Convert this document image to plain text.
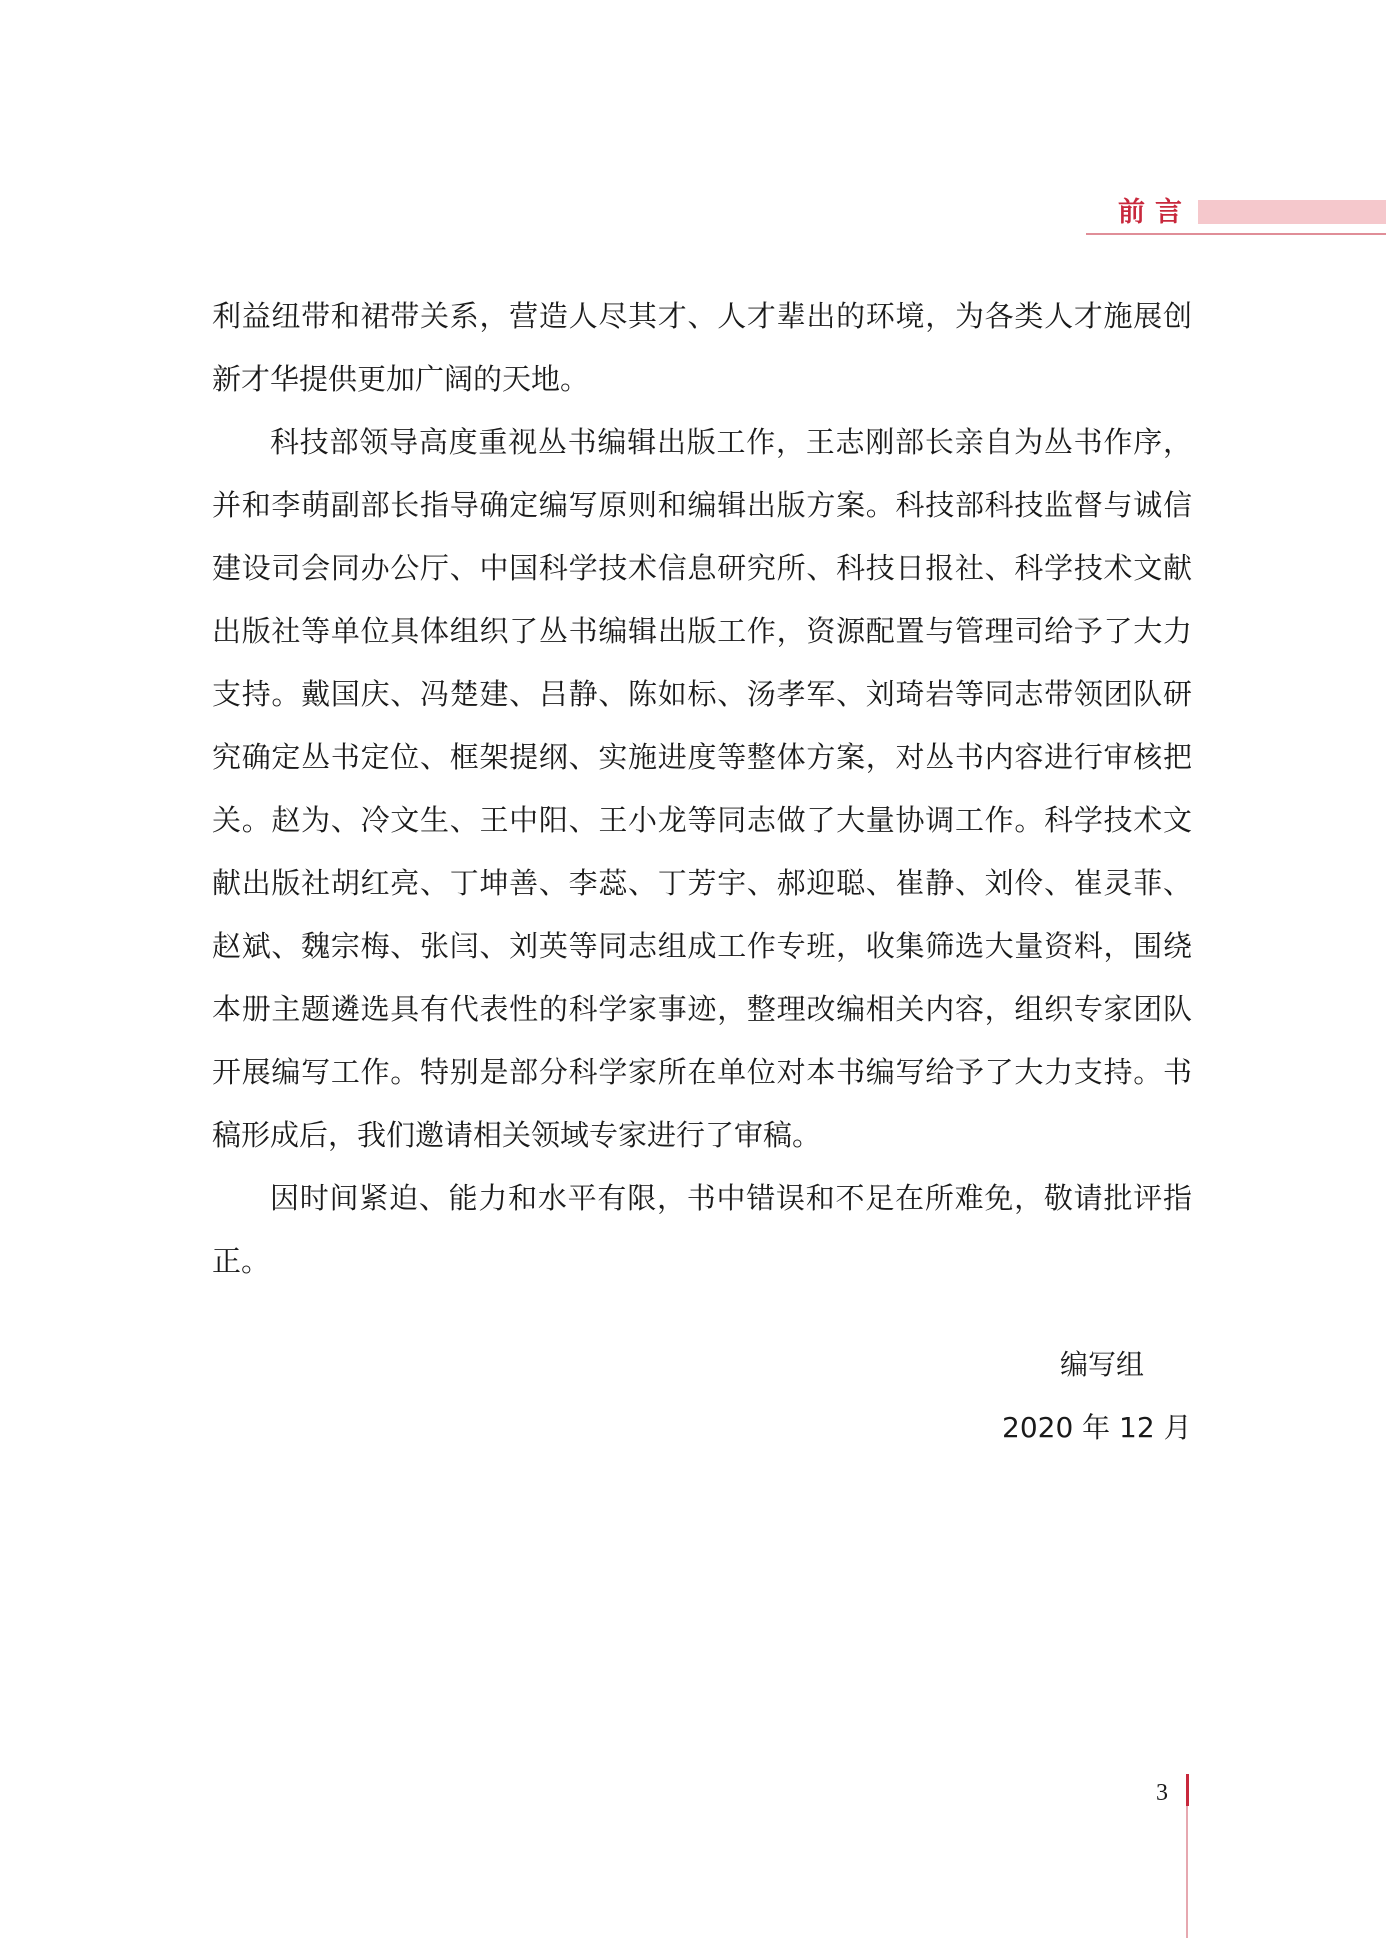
前言

利益纽带和裙带关系，营造人尽其才、人才辈出的环境，为各类人才施展创新才华提供更加广阔的天地。

科技部领导高度重视丛书编辑出版工作，王志刚部长亲自为丛书作序，并和李萌副部长指导确定编写原则和编辑出版方案。科技部科技监督与诚信建设司会同办公厅、中国科学技术信息研究所、科技日报社、科学技术文献出版社等单位具体组织了丛书编辑出版工作，资源配置与管理司给予了大力支持。戴国庆、冯楚建、吕静、陈如标、汤孝军、刘琦岩等同志带领团队研究确定丛书定位、框架提纲、实施进度等整体方案，对丛书内容进行审核把关。赵为、冷文生、王中阳、王小龙等同志做了大量协调工作。科学技术文献出版社胡红亮、丁坤善、李蕊、丁芳宇、郝迎聪、崔静、刘伶、崔灵菲、赵斌、魏宗梅、张闫、刘英等同志组成工作专班，收集筛选大量资料，围绕本册主题遴选具有代表性的科学家事迹，整理改编相关内容，组织专家团队开展编写工作。特别是部分科学家所在单位对本书编写给予了大力支持。书稿形成后，我们邀请相关领域专家进行了审稿。

因时间紧迫、能力和水平有限，书中错误和不足在所难免，敬请批评指正。

编写组
2020 年 12 月
3
